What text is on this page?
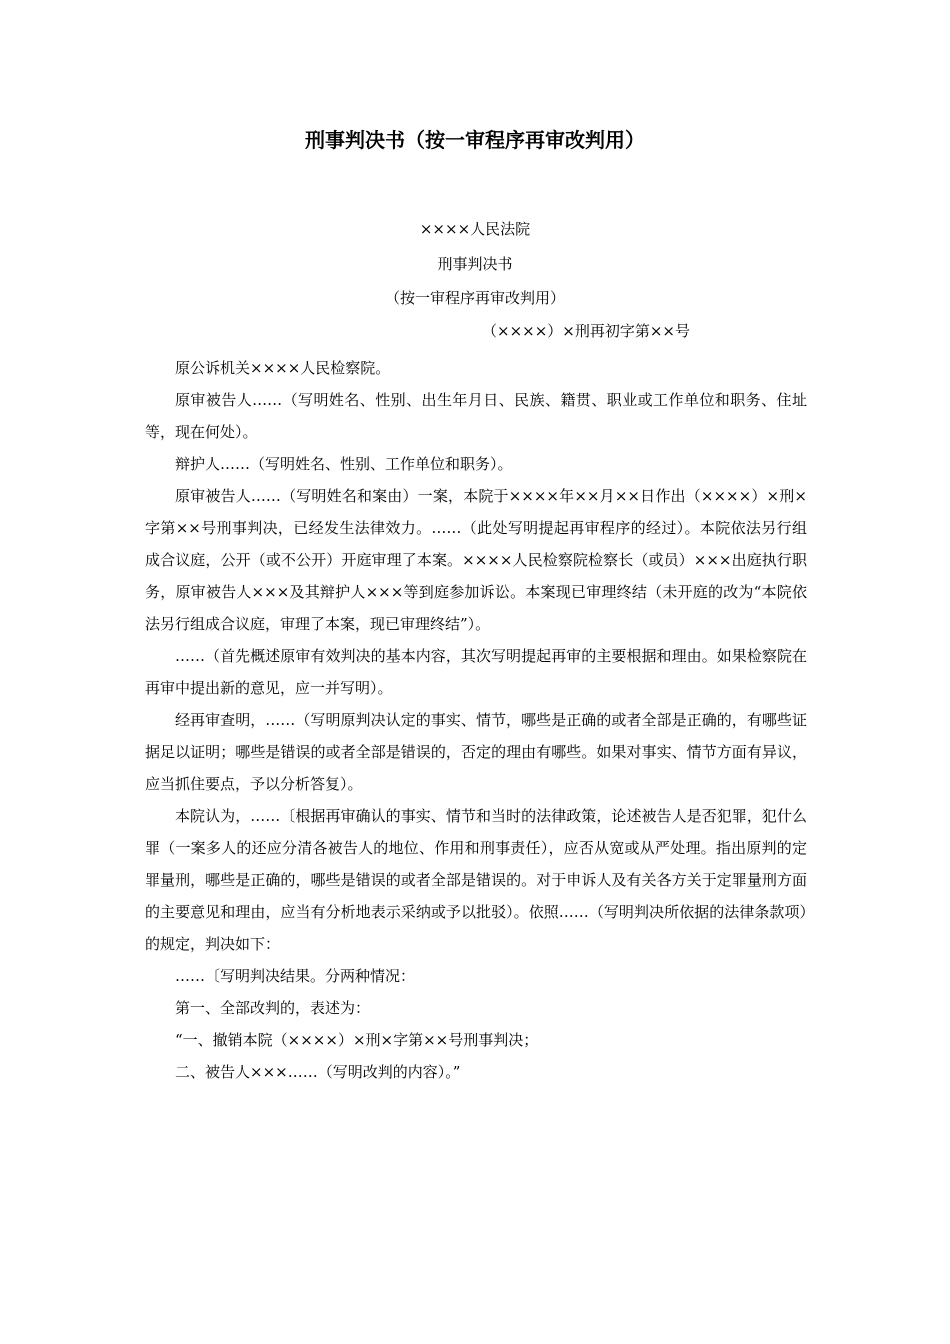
刑事判决书（按一审程序再审改判用）
××××人民法院
刑事判决书
（按一审程序再审改判用）
（××××）×刑再初字第××号

原公诉机关××××人民检察院。

原审被告人……（写明姓名、性别、出生年月日、民族、籍贯、职业或工作单位和职务、住址等，现在何处）。

辩护人……（写明姓名、性别、工作单位和职务）。

原审被告人……（写明姓名和案由）一案，本院于××××年××月××日作出（××××）×刑×字第××号刑事判决，已经发生法律效力。……（此处写明提起再审程序的经过）。本院依法另行组成合议庭，公开（或不公开）开庭审理了本案。××××人民检察院检察长（或员）×××出庭执行职务，原审被告人×××及其辩护人×××等到庭参加诉讼。本案现已审理终结（未开庭的改为“本院依法另行组成合议庭，审理了本案，现已审理终结”）。

……（首先概述原审有效判决的基本内容，其次写明提起再审的主要根据和理由。如果检察院在再审中提出新的意见，应一并写明）。

经再审查明，……（写明原判决认定的事实、情节，哪些是正确的或者全部是正确的，有哪些证据足以证明；哪些是错误的或者全部是错误的，否定的理由有哪些。如果对事实、情节方面有异议，应当抓住要点，予以分析答复）。

本院认为，……〔根据再审确认的事实、情节和当时的法律政策，论述被告人是否犯罪，犯什么罪（一案多人的还应分清各被告人的地位、作用和刑事责任），应否从宽或从严处理。指出原判的定罪量刑，哪些是正确的，哪些是错误的或者全部是错误的。对于申诉人及有关各方关于定罪量刑方面的主要意见和理由，应当有分析地表示采纳或予以批驳）。依照……（写明判决所依据的法律条款项）的规定，判决如下：

……〔写明判决结果。分两种情况：

第一、全部改判的，表述为：

“一、撤销本院（××××）×刑×字第××号刑事判决；

二、被告人×××……（写明改判的内容）。”
